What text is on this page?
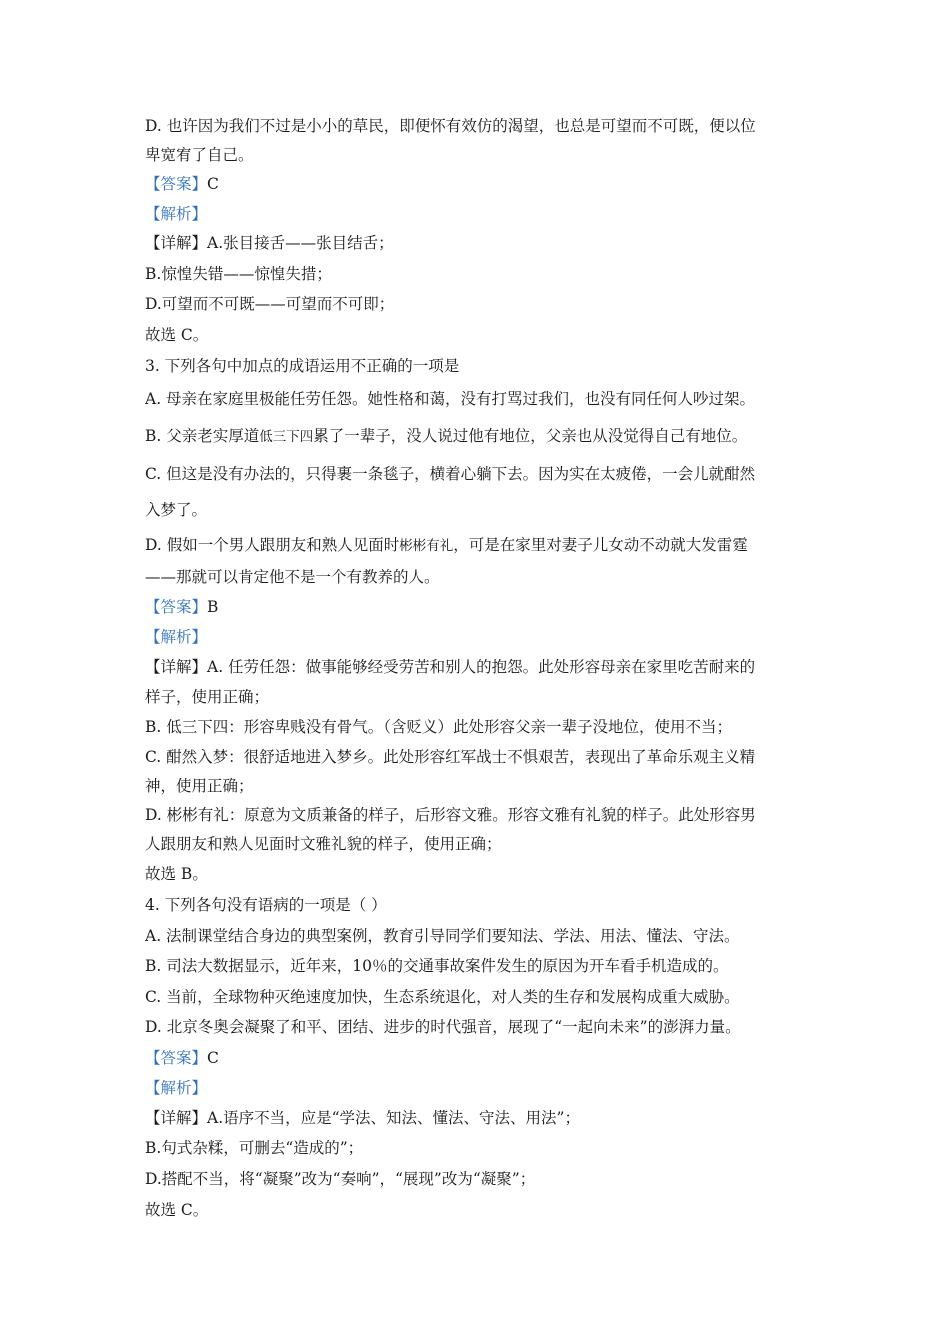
D. 也许因为我们不过是小小的草民，即便怀有效仿的渴望，也总是可望而不可既，便以位
卑宽宥了自己。
【答案】C
【解析】
【详解】A.张目接舌——张目结舌；
B.惊惶失错——惊惶失措；
D.可望而不可既——可望而不可即；
故选 C。
3. 下列各句中加点的成语运用不正确的一项是
A. 母亲在家庭里极能任劳任怨。她性格和蔼，没有打骂过我们，也没有同任何人吵过架。
B. 父亲老实厚道低三下四累了一辈子，没人说过他有地位，父亲也从没觉得自己有地位。
C. 但这是没有办法的，只得裹一条毯子，横着心躺下去。因为实在太疲倦，一会儿就酣然
入梦了。
D. 假如一个男人跟朋友和熟人见面时彬彬有礼，可是在家里对妻子儿女动不动就大发雷霆
——那就可以肯定他不是一个有教养的人。
【答案】B
【解析】
【详解】A. 任劳任怨：做事能够经受劳苦和别人的抱怨。此处形容母亲在家里吃苦耐来的
样子，使用正确；
B. 低三下四：形容卑贱没有骨气。（含贬义）此处形容父亲一辈子没地位，使用不当；
C. 酣然入梦：很舒适地进入梦乡。此处形容红军战士不惧艰苦，表现出了革命乐观主义精
神，使用正确；
D. 彬彬有礼：原意为文质兼备的样子，后形容文雅。形容文雅有礼貌的样子。此处形容男
人跟朋友和熟人见面时文雅礼貌的样子，使用正确；
故选 B。
4. 下列各句没有语病的一项是（ ）
A. 法制课堂结合身边的典型案例，教育引导同学们要知法、学法、用法、懂法、守法。
B. 司法大数据显示，近年来，10％的交通事故案件发生的原因为开车看手机造成的。
C. 当前，全球物种灭绝速度加快，生态系统退化，对人类的生存和发展构成重大威胁。
D. 北京冬奥会凝聚了和平、团结、进步的时代强音，展现了“一起向未来”的澎湃力量。
【答案】C
【解析】
【详解】A.语序不当，应是“学法、知法、懂法、守法、用法”；
B.句式杂糅，可删去“造成的”；
D.搭配不当，将“凝聚”改为“奏响”，“展现”改为“凝聚”；
故选 C。
